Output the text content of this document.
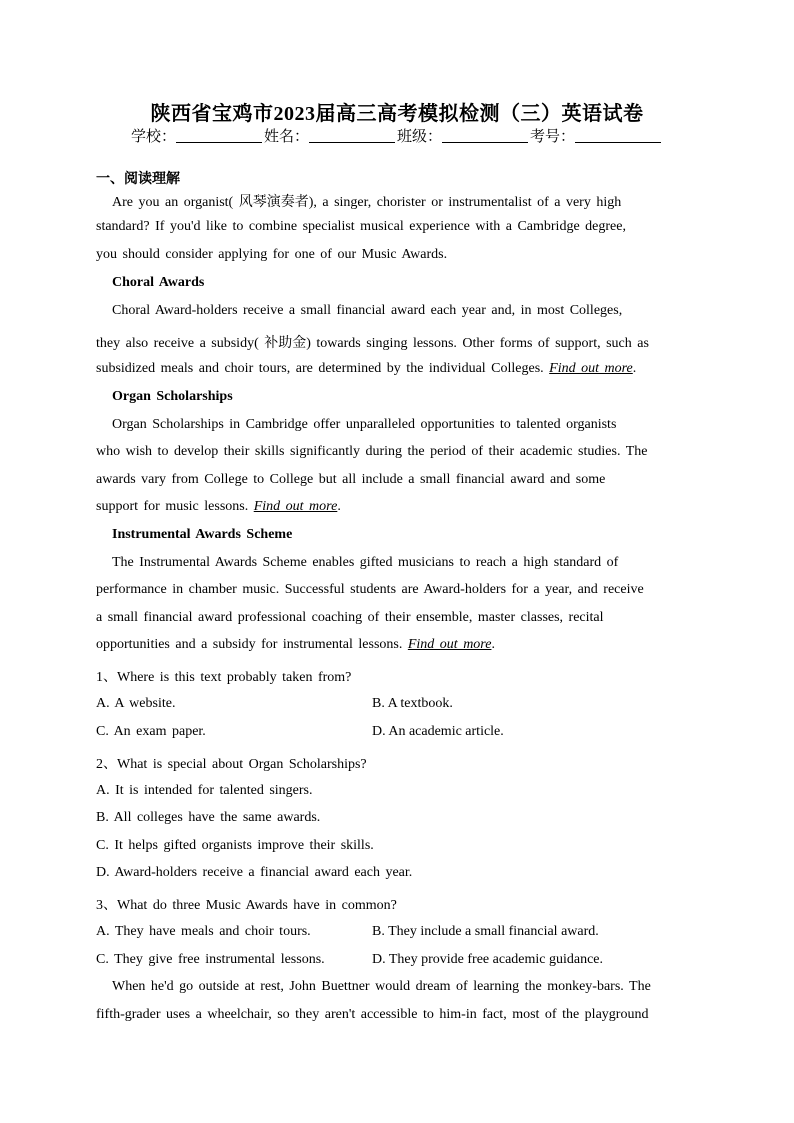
陕西省宝鸡市2023届高三高考模拟检测（三）英语试卷
学校：	姓名：	班级：	考号：
一、阅读理解
Are you an organist( 风琴演奏者), a singer, chorister or instrumentalist of a very high
standard? If you'd like to combine specialist musical experience with a Cambridge degree,
you should consider applying for one of our Music Awards.
Choral Awards
Choral Award-holders receive a small financial award each year and, in most Colleges,
they also receive a subsidy( 补助金) towards singing lessons. Other forms of support, such as
subsidized meals and choir tours, are determined by the individual Colleges. Find out more.
Organ Scholarships
Organ Scholarships in Cambridge offer unparalleled opportunities to talented organists
who wish to develop their skills significantly during the period of their academic studies. The
awards vary from College to College but all include a small financial award and some
support for music lessons. Find out more.
Instrumental Awards Scheme
The Instrumental Awards Scheme enables gifted musicians to reach a high standard of
performance in chamber music. Successful students are Award-holders for a year, and receive
a small financial award professional coaching of their ensemble, master classes, recital
opportunities and a subsidy for instrumental lessons. Find out more.
1、Where is this text probably taken from?
A. A website.	B. A textbook.
C. An exam paper.	D. An academic article.
2、What is special about Organ Scholarships?
A. It is intended for talented singers.
B. All colleges have the same awards.
C. It helps gifted organists improve their skills.
D. Award-holders receive a financial award each year.
3、What do three Music Awards have in common?
A. They have meals and choir tours.	B. They include a small financial award.
C. They give free instrumental lessons.	D. They provide free academic guidance.
When he'd go outside at rest, John Buettner would dream of learning the monkey-bars. The
fifth-grader uses a wheelchair, so they aren't accessible to him-in fact, most of the playground
